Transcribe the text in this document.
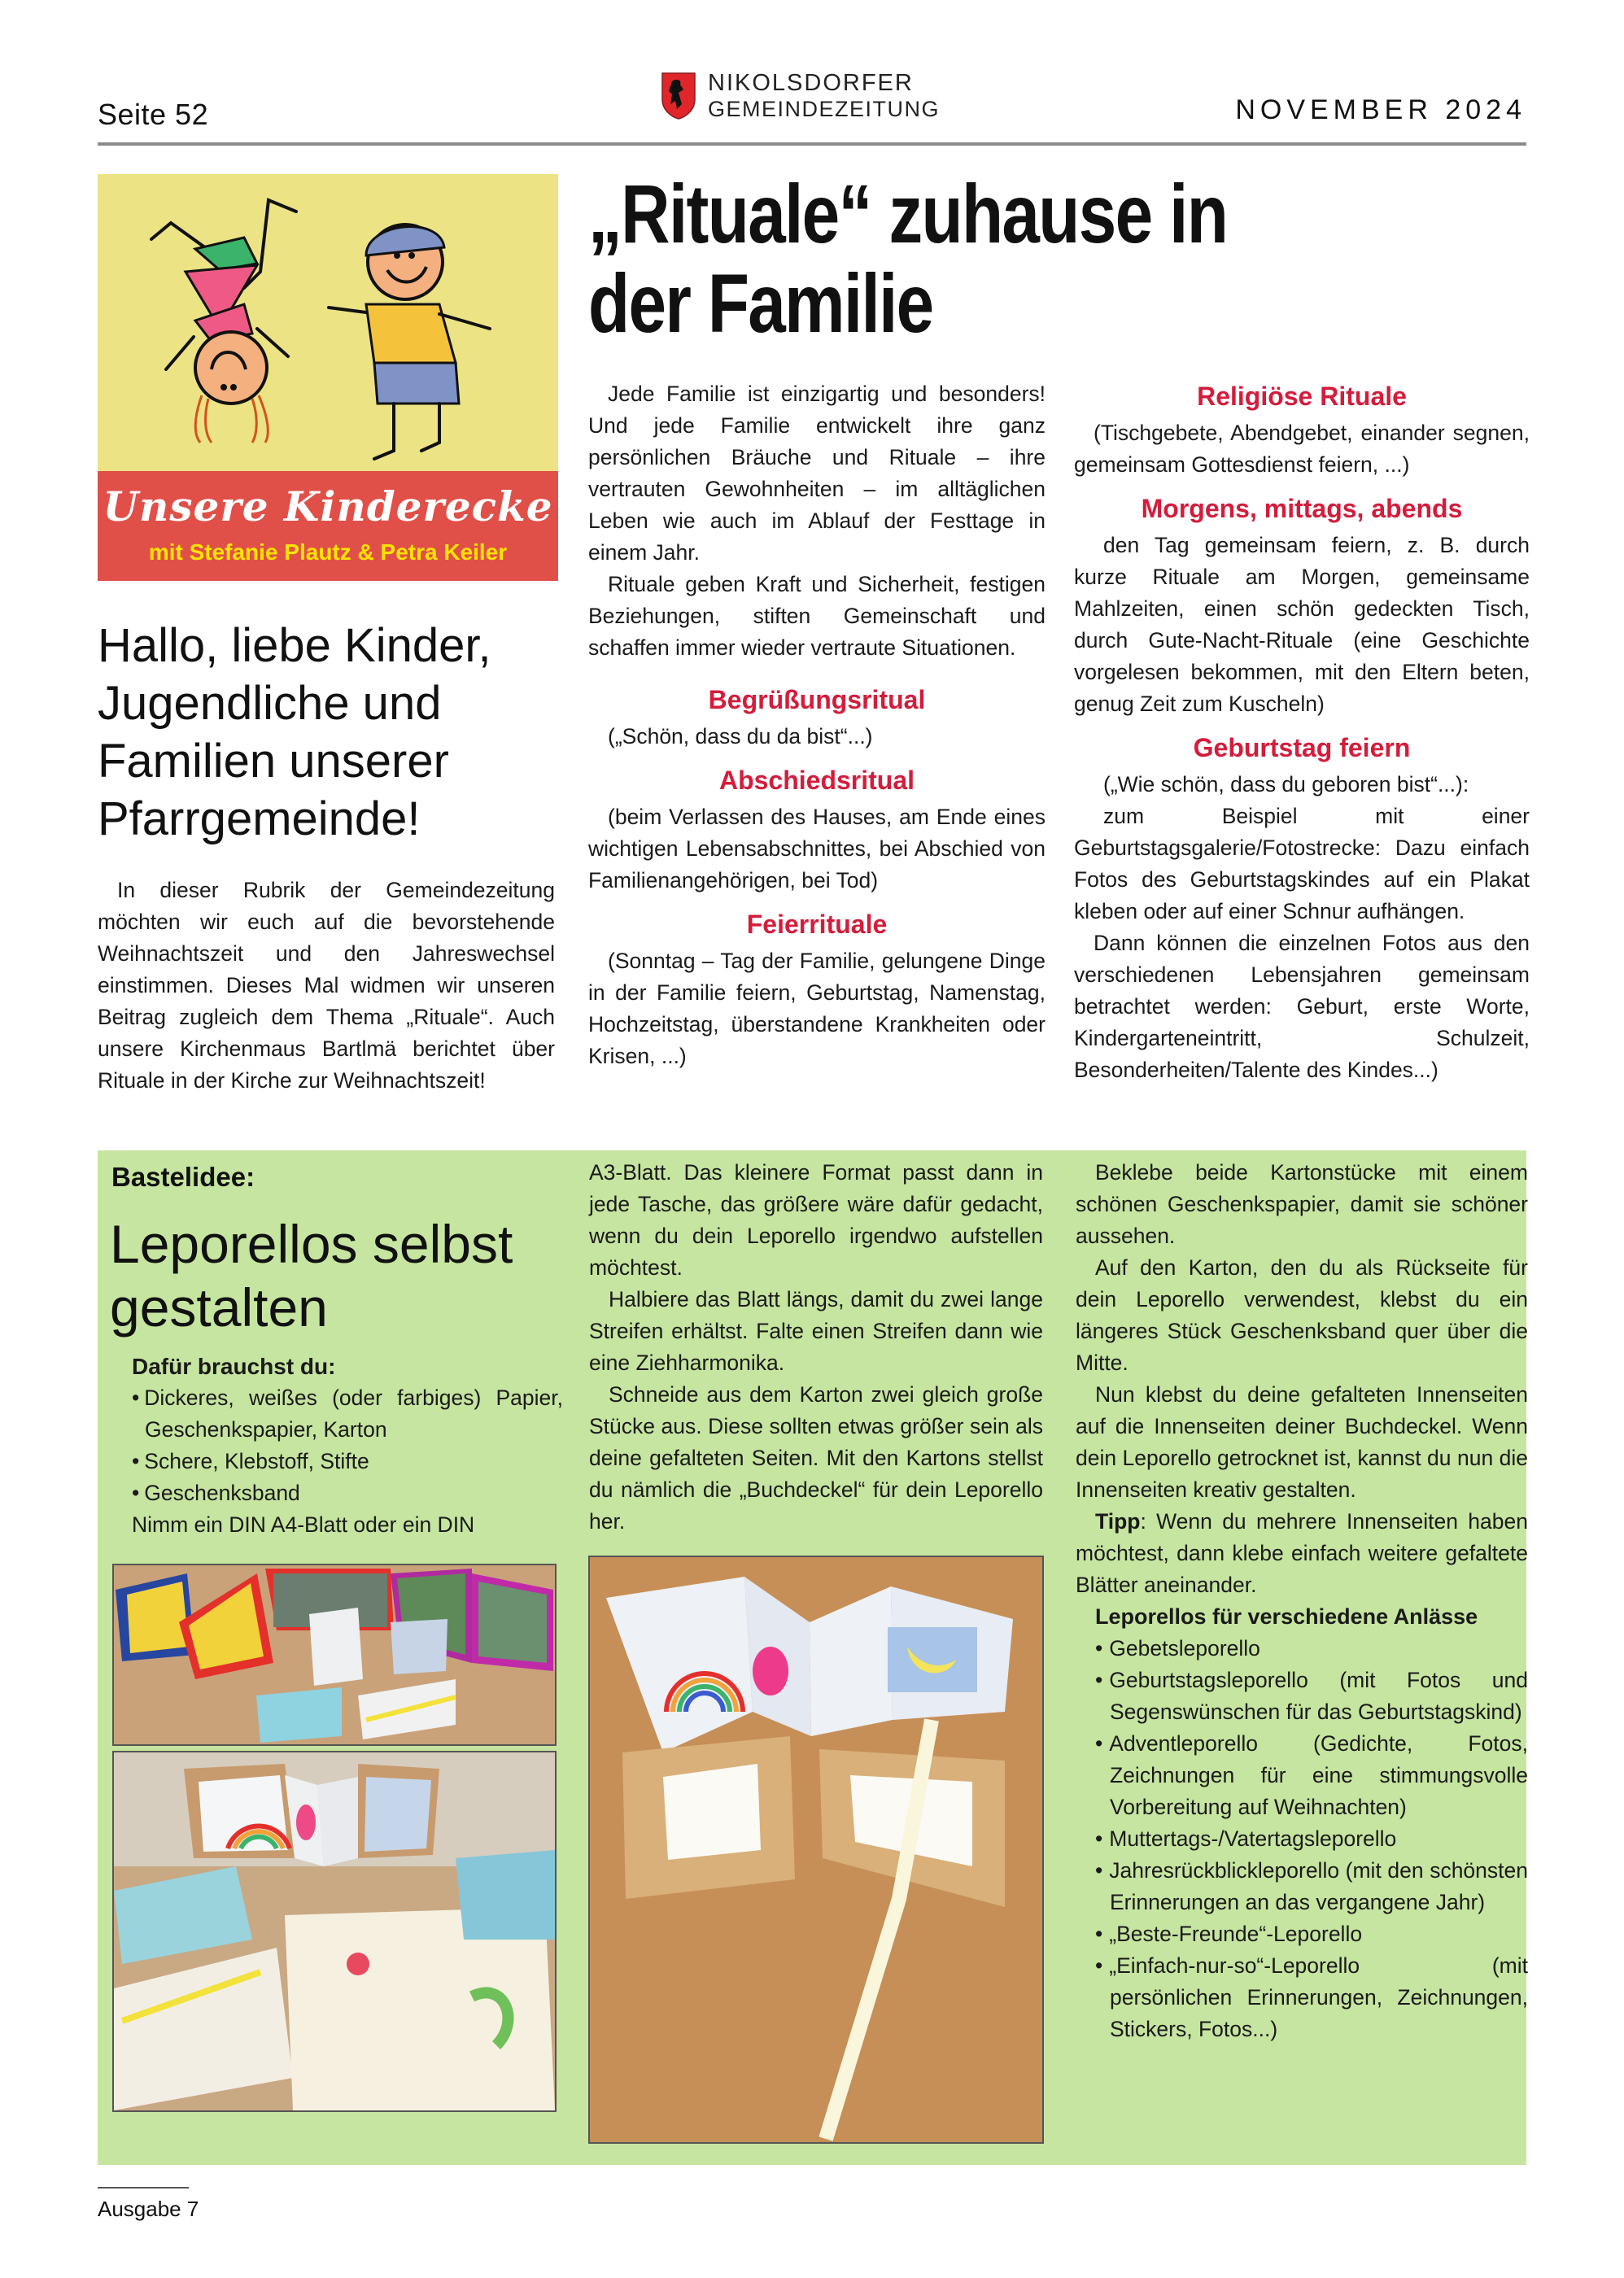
Seite 52
NIKOLSDORFER
GEMEINDEZEITUNG	NOVEMBER 2024
Unsere Kinderecke
mit Stefanie Plautz & Petra Keiler
Hallo, liebe Kinder, Jugendliche und Familien unserer Pfarrgemeinde!

In dieser Rubrik der Gemeindezeitung möchten wir euch auf die bevorstehende Weihnachtszeit und den Jahreswechsel einstimmen. Dieses Mal widmen wir unseren Beitrag zugleich dem Thema „Rituale“. Auch unsere Kirchenmaus Bartlmä berichtet über Rituale in der Kirche zur Weihnachtszeit!

„Rituale“ zuhause in
der Familie

Jede Familie ist einzigartig und besonders! Und jede Familie entwickelt ihre ganz persönlichen Bräuche und Rituale – ihre vertrauten Gewohnheiten – im alltäglichen Leben wie auch im Ablauf der Festtage in einem Jahr.

Rituale geben Kraft und Sicherheit, festigen Beziehungen, stiften Gemeinschaft und schaffen immer wieder vertraute Situationen.

Begrüßungsritual

(„Schön, dass du da bist“...)

Abschiedsritual

(beim Verlassen des Hauses, am Ende eines wichtigen Lebensabschnittes, bei Abschied von Familienangehörigen, bei Tod)

Feierrituale

(Sonntag – Tag der Familie, gelungene Dinge in der Familie feiern, Geburtstag, Namenstag, Hochzeitstag, überstandene Krankheiten oder Krisen, ...)

Religiöse Rituale

(Tischgebete, Abendgebet, einander segnen, gemeinsam Gottesdienst feiern, ...)

Morgens, mittags, abends

den Tag gemeinsam feiern, z. B. durch kurze Rituale am Morgen, gemeinsame Mahlzeiten, einen schön gedeckten Tisch, durch Gute-Nacht-Rituale (eine Geschichte vorgelesen bekommen, mit den Eltern beten, genug Zeit zum Kuscheln)

Geburtstag feiern

(„Wie schön, dass du geboren bist“...):

zum Beispiel mit einer Geburtstagsgalerie/Fotostrecke: Dazu einfach Fotos des Geburtstagskindes auf ein Plakat kleben oder auf einer Schnur aufhängen.

Dann können die einzelnen Fotos aus den verschiedenen Lebensjahren gemeinsam betrachtet werden: Geburt, erste Worte, Kindergarteneintritt, Schulzeit, Besonderheiten/Talente des Kindes...)

Bastelidee:
Leporellos selbst gestalten
Dafür brauchst du:
• Dickeres, weißes (oder farbiges) Papier, Geschenkspapier, Karton
• Schere, Klebstoff, Stifte
• Geschenksband

Nimm ein DIN A4-Blatt oder ein DIN

A3-Blatt. Das kleinere Format passt dann in jede Tasche, das größere wäre dafür gedacht, wenn du dein Leporello irgendwo aufstellen möchtest.

Halbiere das Blatt längs, damit du zwei lange Streifen erhältst. Falte einen Streifen dann wie eine Ziehharmonika.

Schneide aus dem Karton zwei gleich große Stücke aus. Diese sollten etwas größer sein als deine gefalteten Seiten. Mit den Kartons stellst du nämlich die „Buchdeckel“ für dein Leporello her.

Beklebe beide Kartonstücke mit einem schönen Geschenkspapier, damit sie schöner aussehen.

Auf den Karton, den du als Rückseite für dein Leporello verwendest, klebst du ein längeres Stück Geschenksband quer über die Mitte.

Nun klebst du deine gefalteten Innenseiten auf die Innenseiten deiner Buchdeckel. Wenn dein Leporello getrocknet ist, kannst du nun die Innenseiten kreativ gestalten.

Tipp: Wenn du mehrere Innenseiten haben möchtest, dann klebe einfach weitere gefaltete Blätter aneinander.

Leporellos für verschiedene Anlässe
• Gebetsleporello
• Geburtstagsleporello (mit Fotos und Segenswünschen für das Geburtstagskind)
• Adventleporello (Gedichte, Fotos, Zeichnungen für eine stimmungsvolle Vorbereitung auf Weihnachten)
• Muttertags-/Vatertagsleporello
• Jahresrückblickleporello (mit den schönsten Erinnerungen an das vergangene Jahr)
• „Beste-Freunde“-Leporello
• „Einfach-nur-so“-Leporello (mit persönlichen Erinnerungen, Zeichnungen, Stickers, Fotos...)
Ausgabe 7
